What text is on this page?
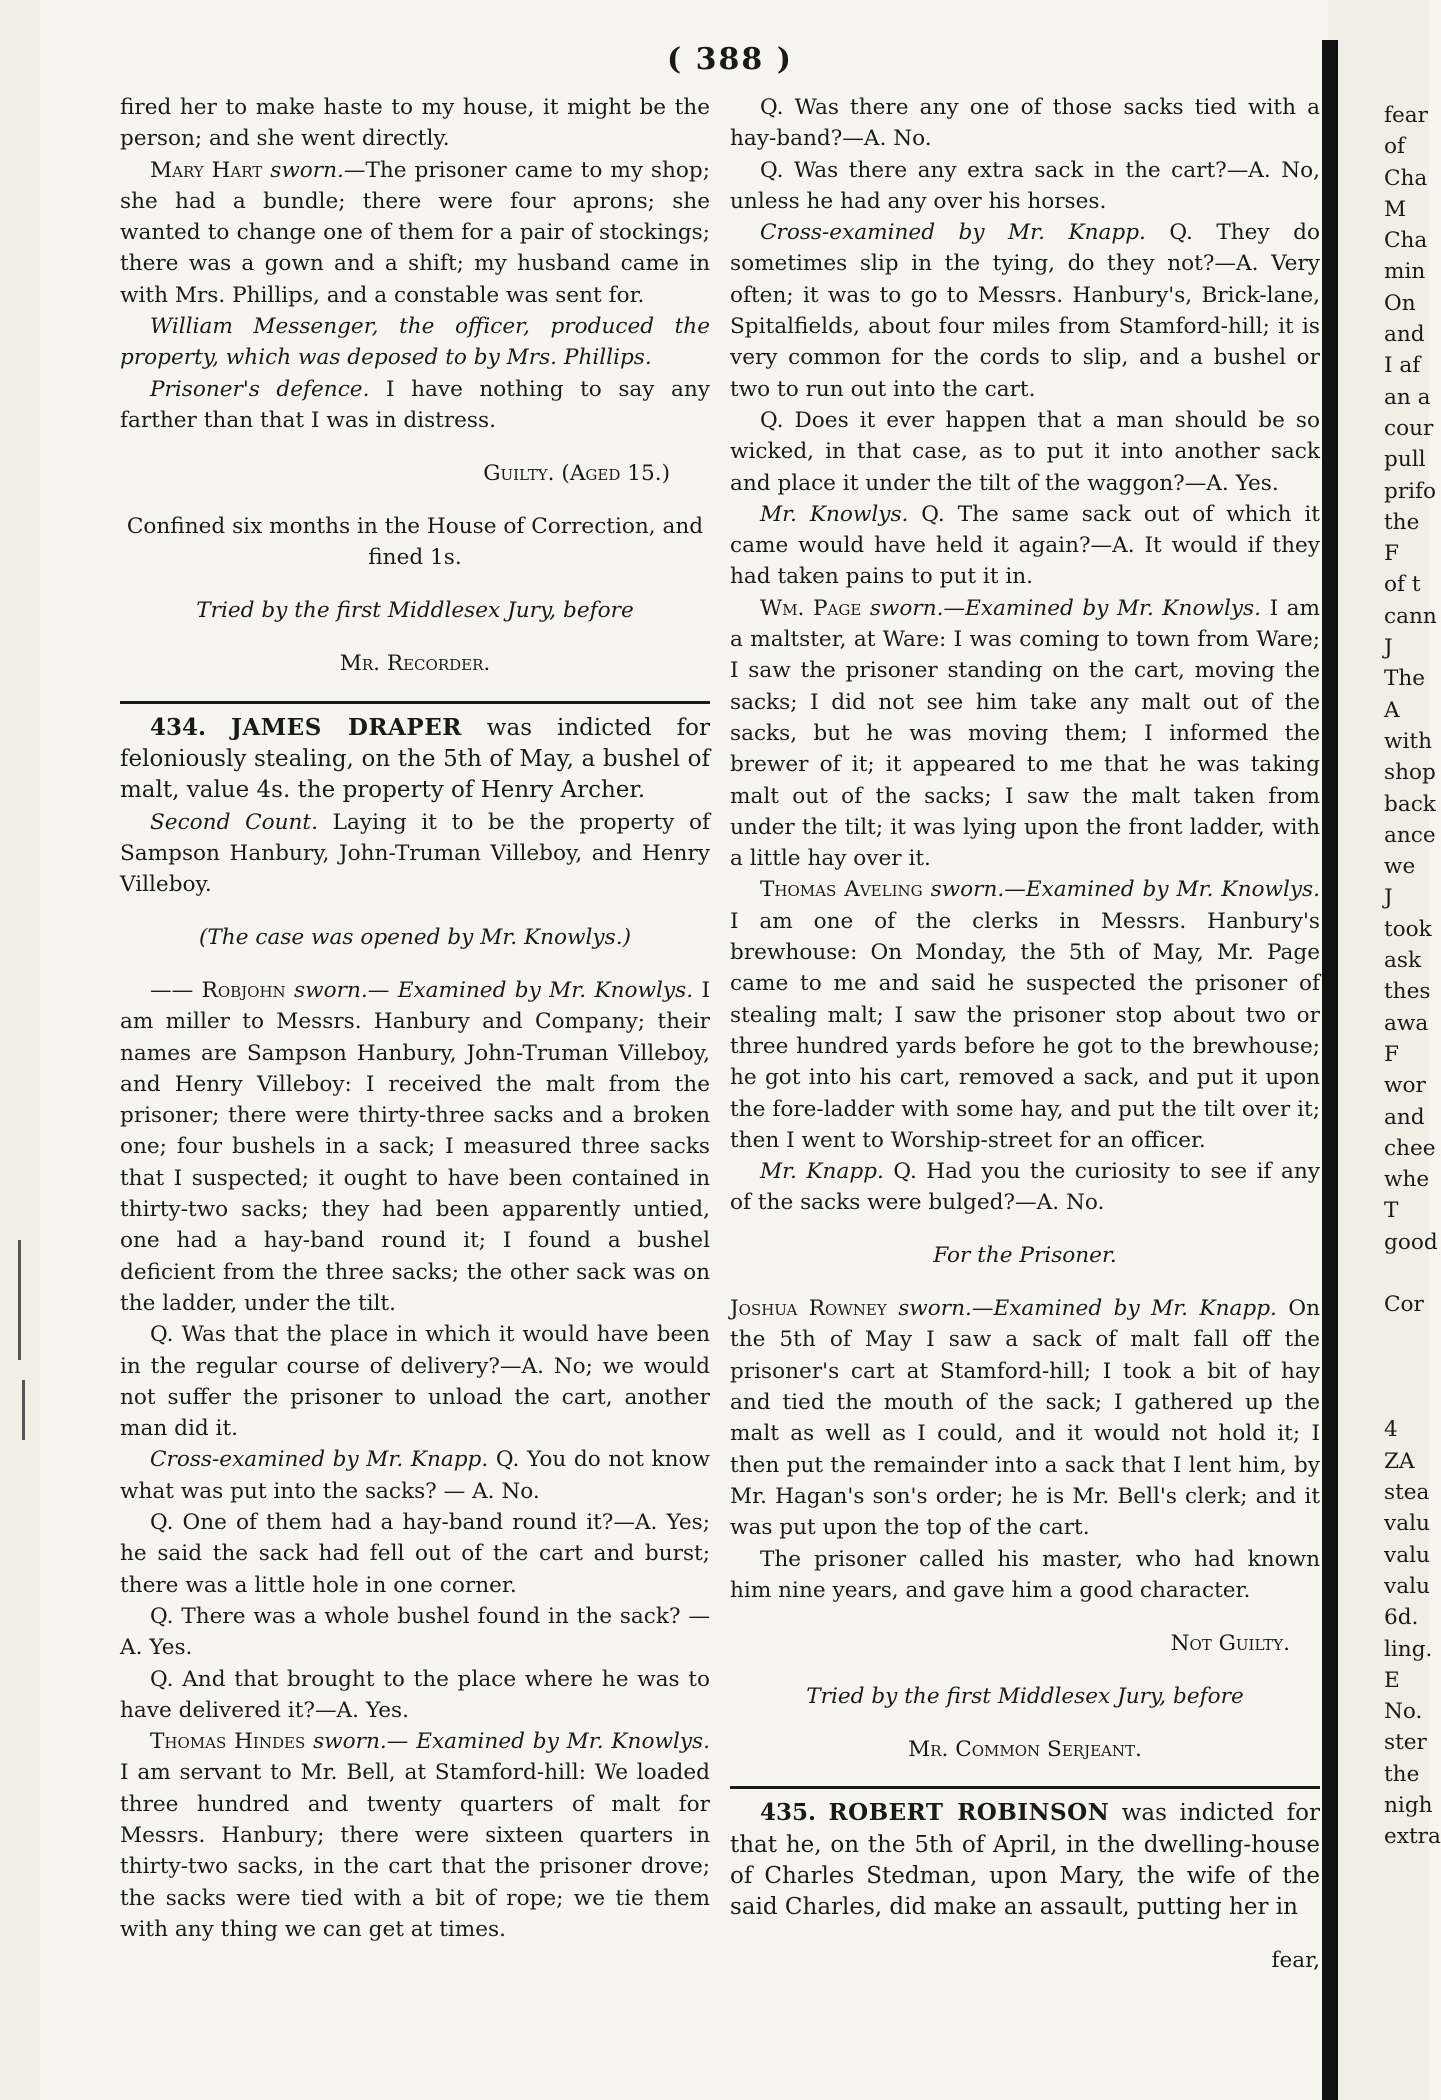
( 388 )

fired her to make haste to my house, it might be the person; and she went directly.

Mary Hart sworn.—The prisoner came to my shop; she had a bundle; there were four aprons; she wanted to change one of them for a pair of stockings; there was a gown and a shift; my husband came in with Mrs. Phillips, and a constable was sent for.

William Messenger, the officer, produced the property, which was deposed to by Mrs. Phillips.

Prisoner's defence. I have nothing to say any farther than that I was in distress.

Guilty. (Aged 15.)

Confined six months in the House of Correction, and fined 1s.

Tried by the first Middlesex Jury, before

Mr. Recorder.

434. JAMES DRAPER was indicted for feloniously stealing, on the 5th of May, a bushel of malt, value 4s. the property of Henry Archer.

Second Count. Laying it to be the property of Sampson Hanbury, John-Truman Villeboy, and Henry Villeboy.

(The case was opened by Mr. Knowlys.)

—— Robjohn sworn.— Examined by Mr. Knowlys. I am miller to Messrs. Hanbury and Company; their names are Sampson Hanbury, John-Truman Villeboy, and Henry Villeboy: I received the malt from the prisoner; there were thirty-three sacks and a broken one; four bushels in a sack; I measured three sacks that I suspected; it ought to have been contained in thirty-two sacks; they had been apparently untied, one had a hay-band round it; I found a bushel deficient from the three sacks; the other sack was on the ladder, under the tilt.

Q. Was that the place in which it would have been in the regular course of delivery?—A. No; we would not suffer the prisoner to unload the cart, another man did it.

Cross-examined by Mr. Knapp. Q. You do not know what was put into the sacks? — A. No.

Q. One of them had a hay-band round it?—A. Yes; he said the sack had fell out of the cart and burst; there was a little hole in one corner.

Q. There was a whole bushel found in the sack? —A. Yes.

Q. And that brought to the place where he was to have delivered it?—A. Yes.

Thomas Hindes sworn.— Examined by Mr. Knowlys. I am servant to Mr. Bell, at Stamford-hill: We loaded three hundred and twenty quarters of malt for Messrs. Hanbury; there were sixteen quarters in thirty-two sacks, in the cart that the prisoner drove; the sacks were tied with a bit of rope; we tie them with any thing we can get at times.

Q. Was there any one of those sacks tied with a hay-band?—A. No.

Q. Was there any extra sack in the cart?—A. No, unless he had any over his horses.

Cross-examined by Mr. Knapp. Q. They do sometimes slip in the tying, do they not?—A. Very often; it was to go to Messrs. Hanbury's, Brick-lane, Spitalfields, about four miles from Stamford-hill; it is very common for the cords to slip, and a bushel or two to run out into the cart.

Q. Does it ever happen that a man should be so wicked, in that case, as to put it into another sack and place it under the tilt of the waggon?—A. Yes.

Mr. Knowlys. Q. The same sack out of which it came would have held it again?—A. It would if they had taken pains to put it in.

Wm. Page sworn.—Examined by Mr. Knowlys. I am a maltster, at Ware: I was coming to town from Ware; I saw the prisoner standing on the cart, moving the sacks; I did not see him take any malt out of the sacks, but he was moving them; I informed the brewer of it; it appeared to me that he was taking malt out of the sacks; I saw the malt taken from under the tilt; it was lying upon the front ladder, with a little hay over it.

Thomas Aveling sworn.—Examined by Mr. Knowlys. I am one of the clerks in Messrs. Hanbury's brewhouse: On Monday, the 5th of May, Mr. Page came to me and said he suspected the prisoner of stealing malt; I saw the prisoner stop about two or three hundred yards before he got to the brewhouse; he got into his cart, removed a sack, and put it upon the fore-ladder with some hay, and put the tilt over it; then I went to Worship-street for an officer.

Mr. Knapp. Q. Had you the curiosity to see if any of the sacks were bulged?—A. No.

For the Prisoner.

Joshua Rowney sworn.—Examined by Mr. Knapp. On the 5th of May I saw a sack of malt fall off the prisoner's cart at Stamford-hill; I took a bit of hay and tied the mouth of the sack; I gathered up the malt as well as I could, and it would not hold it; I then put the remainder into a sack that I lent him, by Mr. Hagan's son's order; he is Mr. Bell's clerk; and it was put upon the top of the cart.

The prisoner called his master, who had known him nine years, and gave him a good character.

Not Guilty.

Tried by the first Middlesex Jury, before

Mr. Common Serjeant.

435. ROBERT ROBINSON was indicted for that he, on the 5th of April, in the dwelling-house of Charles Stedman, upon Mary, the wife of the said Charles, did make an assault, putting her in

fear,

fear
of
Cha
M
Cha
min
On
and
I af
an a
cour
pull
prifo
the
F
of t
cann
J
The
A
with
shop
back
ance
we
J
took
ask
thes
awa
F
wor
and
chee
whe
T
good

Cor

4
ZA
stea
valu
valu
valu
6d.
ling.
E
No.
ster
the
nigh
extra
